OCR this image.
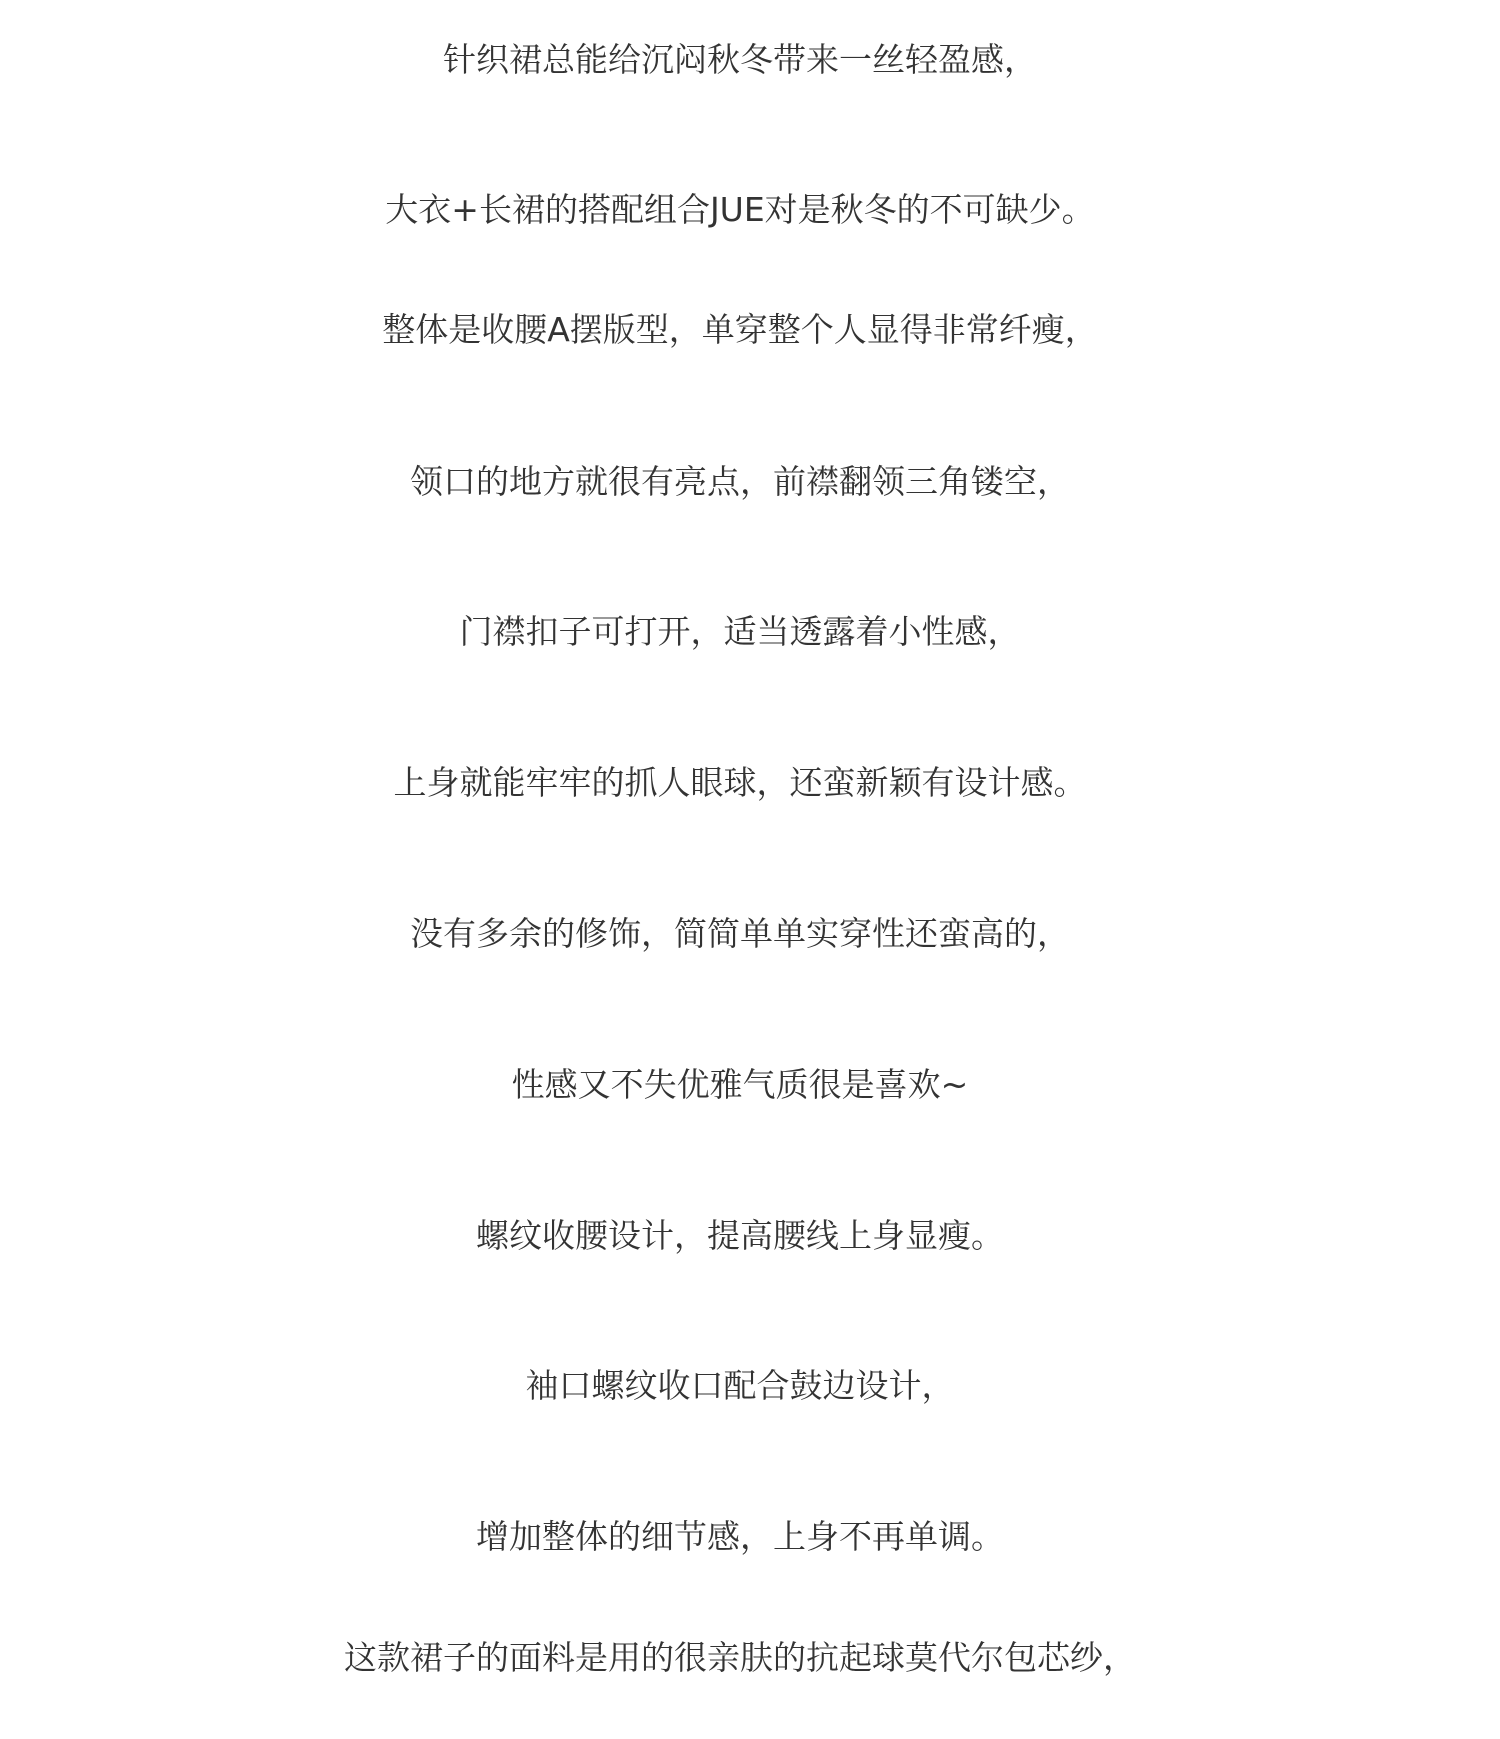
针织裙总能给沉闷秋冬带来一丝轻盈感，

大衣+长裙的搭配组合JUE对是秋冬的不可缺少。

整体是收腰A摆版型，单穿整个人显得非常纤瘦，

领口的地方就很有亮点，前襟翻领三角镂空，

门襟扣子可打开，适当透露着小性感，

上身就能牢牢的抓人眼球，还蛮新颖有设计感。

没有多余的修饰，简简单单实穿性还蛮高的，

性感又不失优雅气质很是喜欢~

螺纹收腰设计，提高腰线上身显瘦。

袖口螺纹收口配合鼓边设计，

增加整体的细节感，上身不再单调。

这款裙子的面料是用的很亲肤的抗起球莫代尔包芯纱，
